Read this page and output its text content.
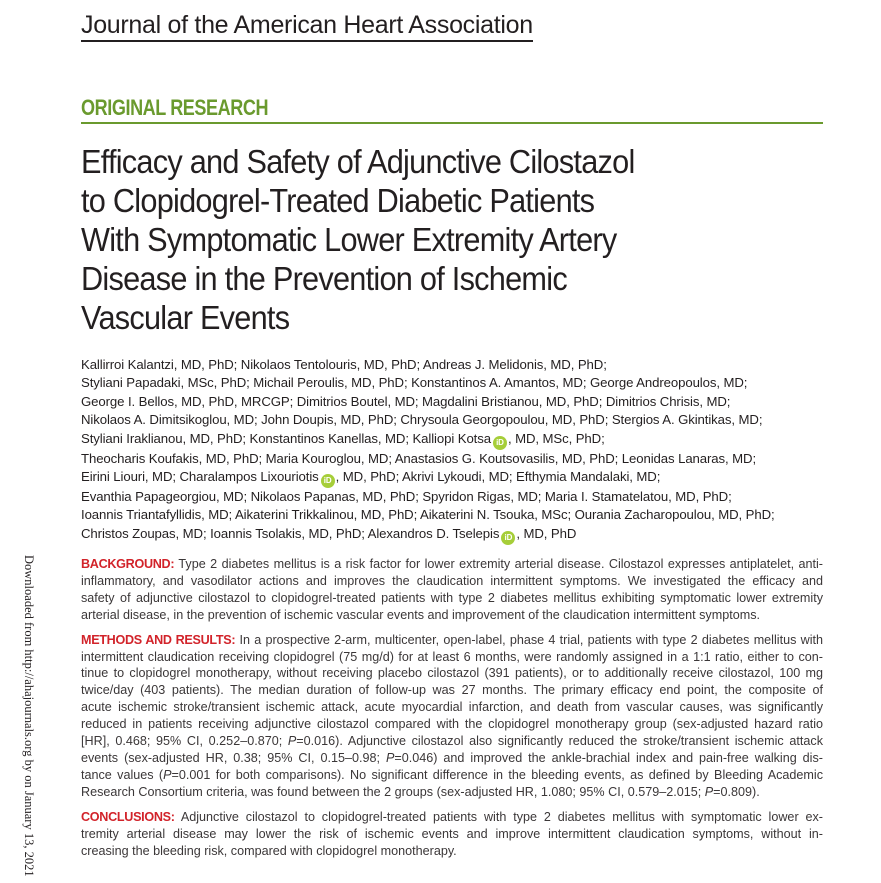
Journal of the American Heart Association
ORIGINAL RESEARCH
Efficacy and Safety of Adjunctive Cilostazol
to Clopidogrel-Treated Diabetic Patients
With Symptomatic Lower Extremity Artery
Disease in the Prevention of Ischemic
Vascular Events
Kallirroi Kalantzi, MD, PhD; Nikolaos Tentolouris, MD, PhD; Andreas J. Melidonis, MD, PhD;
Styliani Papadaki, MSc, PhD; Michail Peroulis, MD, PhD; Konstantinos A. Amantos, MD; George Andreopoulos, MD;
George I. Bellos, MD, PhD, MRCGP; Dimitrios Boutel, MD; Magdalini Bristianou, MD, PhD; Dimitrios Chrisis, MD;
Nikolaos A. Dimitsikoglou, MD; John Doupis, MD, PhD; Chrysoula Georgopoulou, MD, PhD; Stergios A. Gkintikas, MD;
Styliani Iraklianou, MD, PhD; Konstantinos Kanellas, MD; Kalliopi Kotsa iD , MD, MSc, PhD;
Theocharis Koufakis, MD, PhD; Maria Kouroglou, MD; Anastasios G. Koutsovasilis, MD, PhD; Leonidas Lanaras, MD;
Eirini Liouri, MD; Charalampos Lixouriotis iD , MD, PhD; Akrivi Lykoudi, MD; Efthymia Mandalaki, MD;
Evanthia Papageorgiou, MD; Nikolaos Papanas, MD, PhD; Spyridon Rigas, MD; Maria I. Stamatelatou, MD, PhD;
Ioannis Triantafyllidis, MD; Aikaterini Trikkalinou, MD, PhD; Aikaterini N. Tsouka, MSc; Ourania Zacharopoulou, MD, PhD;
Christos Zoupas, MD; Ioannis Tsolakis, MD, PhD; Alexandros D. Tselepis iD , MD, PhD
Downloaded from http://ahajournals.org by on January 13, 2021	BACKGROUND: Type 2 diabetes mellitus is a risk factor for lower extremity arterial disease. Cilostazol expresses antiplatelet, anti-
inflammatory, and vasodilator actions and improves the claudication intermittent symptoms. We investigated the efficacy and
safety of adjunctive cilostazol to clopidogrel-treated patients with type 2 diabetes mellitus exhibiting symptomatic lower extremity
arterial disease, in the prevention of ischemic vascular events and improvement of the claudication intermittent symptoms.

METHODS AND RESULTS: In a prospective 2-arm, multicenter, open-label, phase 4 trial, patients with type 2 diabetes mellitus with
intermittent claudication receiving clopidogrel (75 mg/d) for at least 6 months, were randomly assigned in a 1:1 ratio, either to con-
tinue to clopidogrel monotherapy, without receiving placebo cilostazol (391 patients), or to additionally receive cilostazol, 100 mg
twice/day (403 patients). The median duration of follow-up was 27 months. The primary efficacy end point, the composite of
acute ischemic stroke/transient ischemic attack, acute myocardial infarction, and death from vascular causes, was significantly
reduced in patients receiving adjunctive cilostazol compared with the clopidogrel monotherapy group (sex-adjusted hazard ratio
[HR], 0.468; 95% CI, 0.252–0.870; P=0.016). Adjunctive cilostazol also significantly reduced the stroke/transient ischemic attack
events (sex-adjusted HR, 0.38; 95% CI, 0.15–0.98; P=0.046) and improved the ankle-brachial index and pain-free walking dis-
tance values (P=0.001 for both comparisons). No significant difference in the bleeding events, as defined by Bleeding Academic
Research Consortium criteria, was found between the 2 groups (sex-adjusted HR, 1.080; 95% CI, 0.579–2.015; P=0.809).

CONCLUSIONS: Adjunctive cilostazol to clopidogrel-treated patients with type 2 diabetes mellitus with symptomatic lower ex-
tremity arterial disease may lower the risk of ischemic events and improve intermittent claudication symptoms, without in-
creasing the bleeding risk, compared with clopidogrel monotherapy.
